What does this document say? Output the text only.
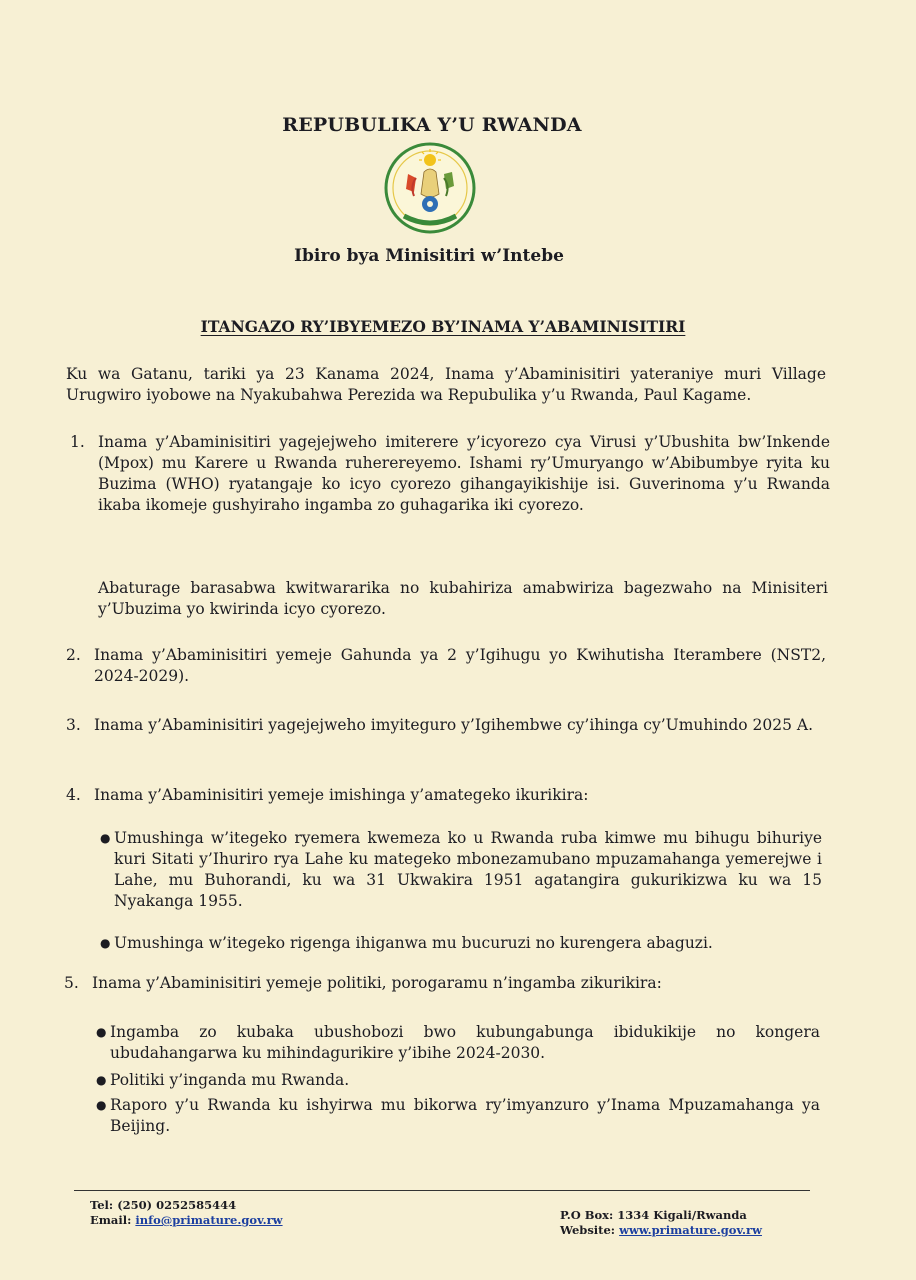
REPUBULIKA Y’U RWANDA
Ibiro bya Minisitiri w’Intebe
ITANGAZO RY’IBYEMEZO BY’INAMA Y’ABAMINISITIRI
Ku wa Gatanu, tariki ya 23 Kanama 2024, Inama y’Abaminisitiri yateraniye muri Village Urugwiro iyobowe na Nyakubahwa Perezida wa Repubulika y’u Rwanda, Paul Kagame.
1. Inama y’Abaminisitiri yagejejweho imiterere y’icyorezo cya Virusi y’Ubushita bw’Inkende (Mpox) mu Karere u Rwanda ruherereyemo. Ishami ry’Umuryango w’Abibumbye ryita ku Buzima (WHO) ryatangaje ko icyo cyorezo gihangayikishije isi. Guverinoma y’u Rwanda ikaba ikomeje gushyiraho ingamba zo guhagarika iki cyorezo.
Abaturage barasabwa kwitwararika no kubahiriza amabwiriza bagezwaho na Minisiteri y’Ubuzima yo kwirinda icyo cyorezo.
2. Inama y’Abaminisitiri yemeje Gahunda ya 2 y’Igihugu yo Kwihutisha Iterambere (NST2, 2024-2029).
3. Inama y’Abaminisitiri yagejejweho imyiteguro y’Igihembwe cy’ihinga cy’Umuhindo 2025 A.
4. Inama y’Abaminisitiri yemeje imishinga y’amategeko ikurikira:
● Umushinga w’itegeko ryemera kwemeza ko u Rwanda ruba kimwe mu bihugu bihuriye kuri Sitati y’Ihuriro rya Lahe ku mategeko mbonezamubano mpuzamahanga yemerejwe i Lahe, mu Buhorandi, ku wa 31 Ukwakira 1951 agatangira gukurikizwa ku wa 15 Nyakanga 1955.
● Umushinga w’itegeko rigenga ihiganwa mu bucuruzi no kurengera abaguzi.
5. Inama y’Abaminisitiri yemeje politiki, porogaramu n’ingamba zikurikira:
● Ingamba zo kubaka ubushobozi bwo kubungabunga ibidukikije no kongera ubudahangarwa ku mihindagurikire y’ibihe 2024-2030.
● Politiki y’inganda mu Rwanda.
● Raporo y’u Rwanda ku ishyirwa mu bikorwa ry’imyanzuro y’Inama Mpuzamahanga ya Beijing.
Tel: (250) 0252585444
Email: info@primature.gov.rw	P.O Box: 1334 Kigali/Rwanda
Website: www.primature.gov.rw
